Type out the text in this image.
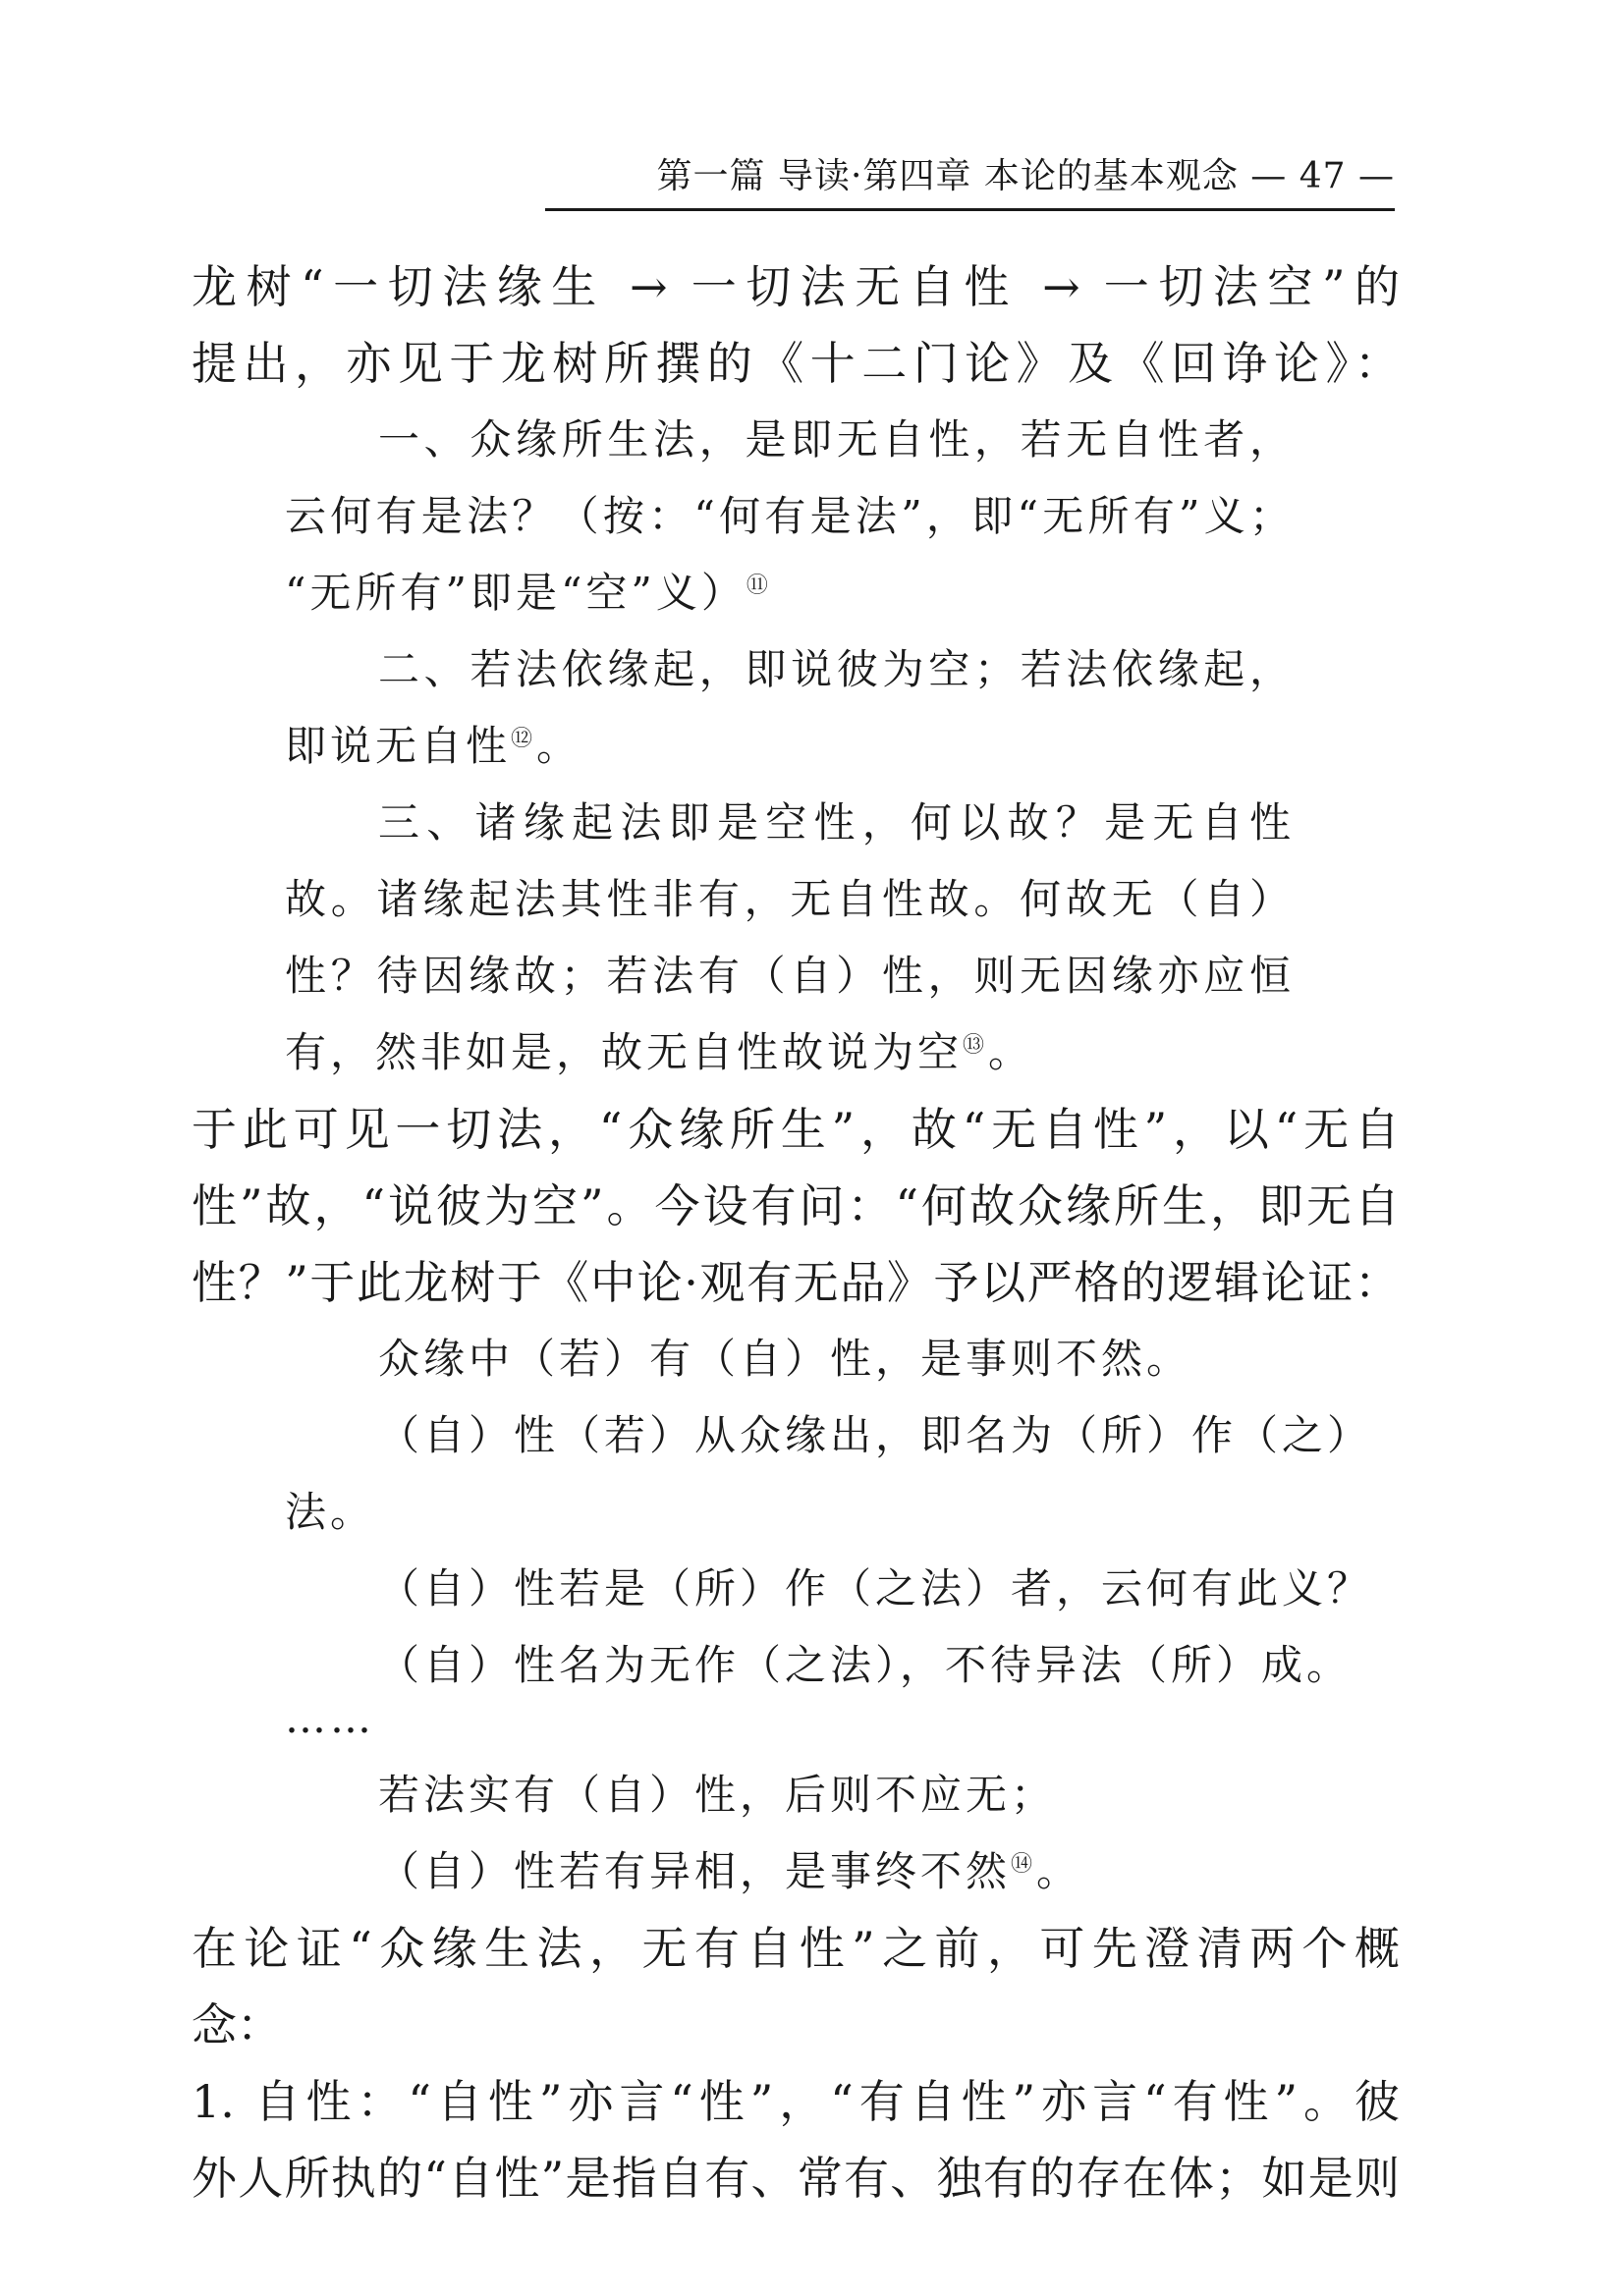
第一篇 导读·第四章 本论的基本观念 — 47 —
龙树“一切法缘生 → 一切法无自性 → 一切法空”的
提出，亦见于龙树所撰的《十二门论》及《回诤论》：
一、众缘所生法，是即无自性，若无自性者，
云何有是法？（按：“何有是法”，即“无所有”义；
“无所有”即是“空”义）⑪
二、若法依缘起，即说彼为空；若法依缘起，
即说无自性⑫。
三、诸缘起法即是空性，何以故？是无自性
故。诸缘起法其性非有，无自性故。何故无（自）
性？待因缘故；若法有（自）性，则无因缘亦应恒
有，然非如是，故无自性故说为空⑬。
于此可见一切法，“众缘所生”，故“无自性”，以“无自
性”故，“说彼为空”。今设有问：“何故众缘所生，即无自
性？”于此龙树于《中论·观有无品》予以严格的逻辑论证：
众缘中（若）有（自）性，是事则不然。
（自）性（若）从众缘出，即名为（所）作（之）
法。
（自）性若是（所）作（之法）者，云何有此义？
（自）性名为无作（之法），不待异法（所）成。
……
若法实有（自）性，后则不应无；
（自）性若有异相，是事终不然⑭。
在论证“众缘生法，无有自性”之前，可先澄清两个概
念：
1. 自性：“自性”亦言“性”，“有自性”亦言“有性”。彼
外人所执的“自性”是指自有、常有、独有的存在体；如是则
